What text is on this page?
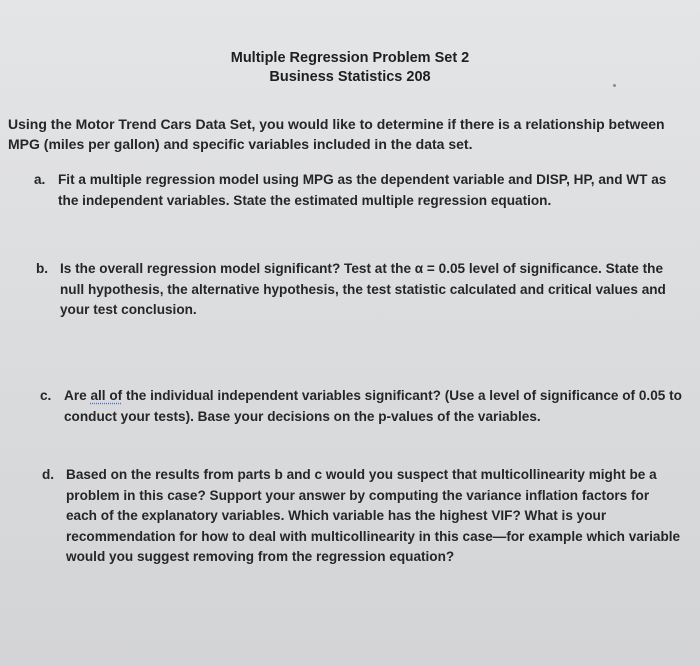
Multiple Regression Problem Set 2
Business Statistics 208
Using the Motor Trend Cars Data Set, you would like to determine if there is a relationship between MPG (miles per gallon) and specific variables included in the data set.
a. Fit a multiple regression model using MPG as the dependent variable and DISP, HP, and WT as the independent variables. State the estimated multiple regression equation.
b. Is the overall regression model significant? Test at the α = 0.05 level of significance. State the null hypothesis, the alternative hypothesis, the test statistic calculated and critical values and your test conclusion.
c. Are all of the individual independent variables significant? (Use a level of significance of 0.05 to conduct your tests). Base your decisions on the p-values of the variables.
d. Based on the results from parts b and c would you suspect that multicollinearity might be a problem in this case? Support your answer by computing the variance inflation factors for each of the explanatory variables. Which variable has the highest VIF? What is your recommendation for how to deal with multicollinearity in this case—for example which variable would you suggest removing from the regression equation?
